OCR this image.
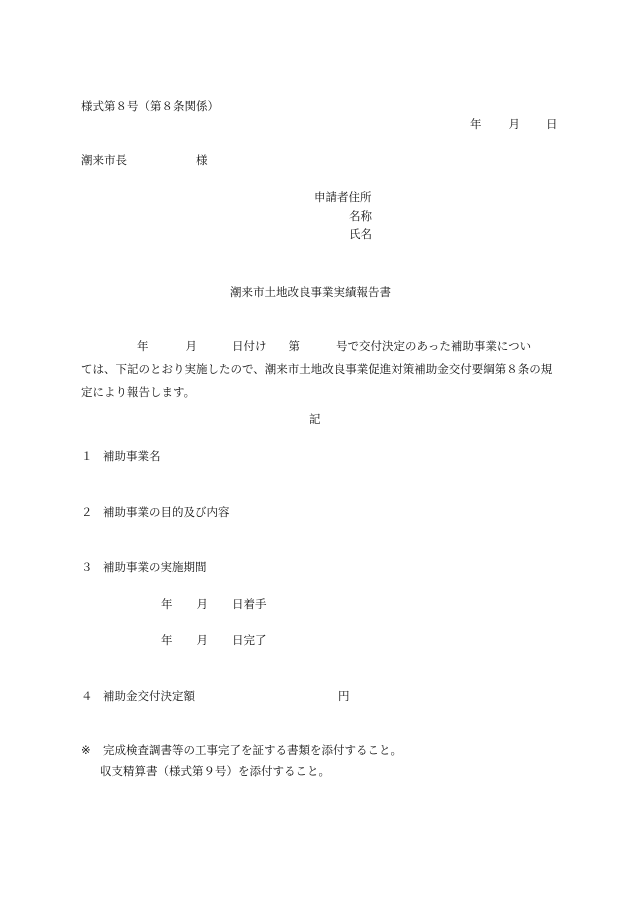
様式第８号（第８条関係）
年 月 日
潮来市長	様
申請者住所
名称
氏名
潮来市土地改良事業実績報告書
年	月	日付け 第	号で交付決定のあった補助事業につい
ては、下記のとおり実施したので、潮来市土地改良事業促進対策補助金交付要綱第８条の規
定により報告します。
記
１ 補助事業名
２ 補助事業の目的及び内容
３ 補助事業の実施期間
年 月 日着手
年 月 日完了
４ 補助金交付決定額	円
※ 完成検査調書等の工事完了を証する書類を添付すること。
収支精算書（様式第９号）を添付すること。
